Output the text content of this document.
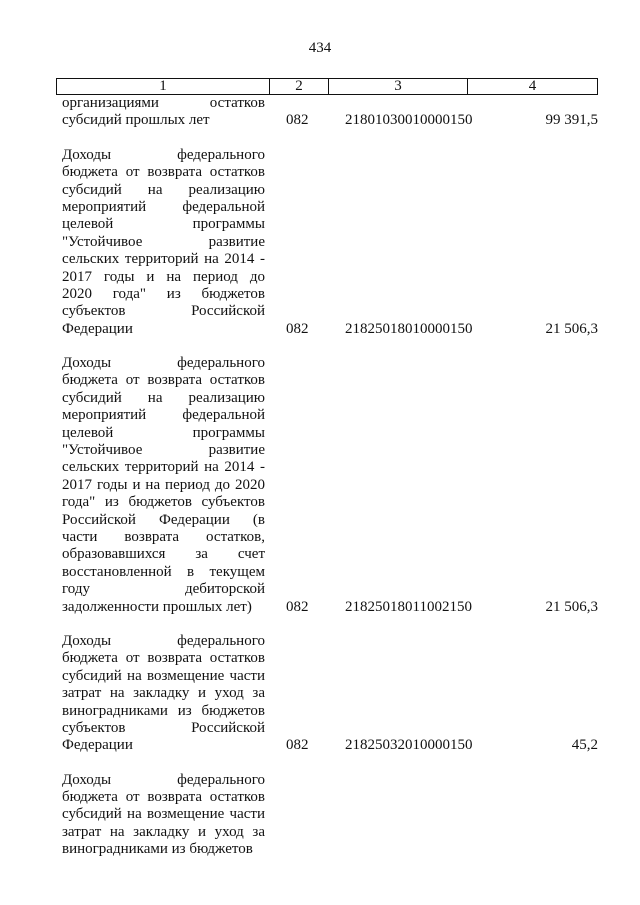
434
1	2	3	4
организациями остатков
субсидий прошлых лет	082	21801030010000150	99 391,5
Доходы федерального
бюджета от возврата остатков
субсидий на реализацию
мероприятий федеральной
целевой программы
"Устойчивое развитие
сельских территорий на 2014 -
2017 годы и на период до
2020 года" из бюджетов
субъектов Российской
Федерации	082	21825018010000150	21 506,3
Доходы федерального
бюджета от возврата остатков
субсидий на реализацию
мероприятий федеральной
целевой программы
"Устойчивое развитие
сельских территорий на 2014 -
2017 годы и на период до 2020
года" из бюджетов субъектов
Российской Федерации (в
части возврата остатков,
образовавшихся за счет
восстановленной в текущем
году дебиторской
задолженности прошлых лет)	082	21825018011002150	21 506,3
Доходы федерального
бюджета от возврата остатков
субсидий на возмещение части
затрат на закладку и уход за
виноградниками из бюджетов
субъектов Российской
Федерации	082	21825032010000150	45,2
Доходы федерального
бюджета от возврата остатков
субсидий на возмещение части
затрат на закладку и уход за
виноградниками из бюджетов
